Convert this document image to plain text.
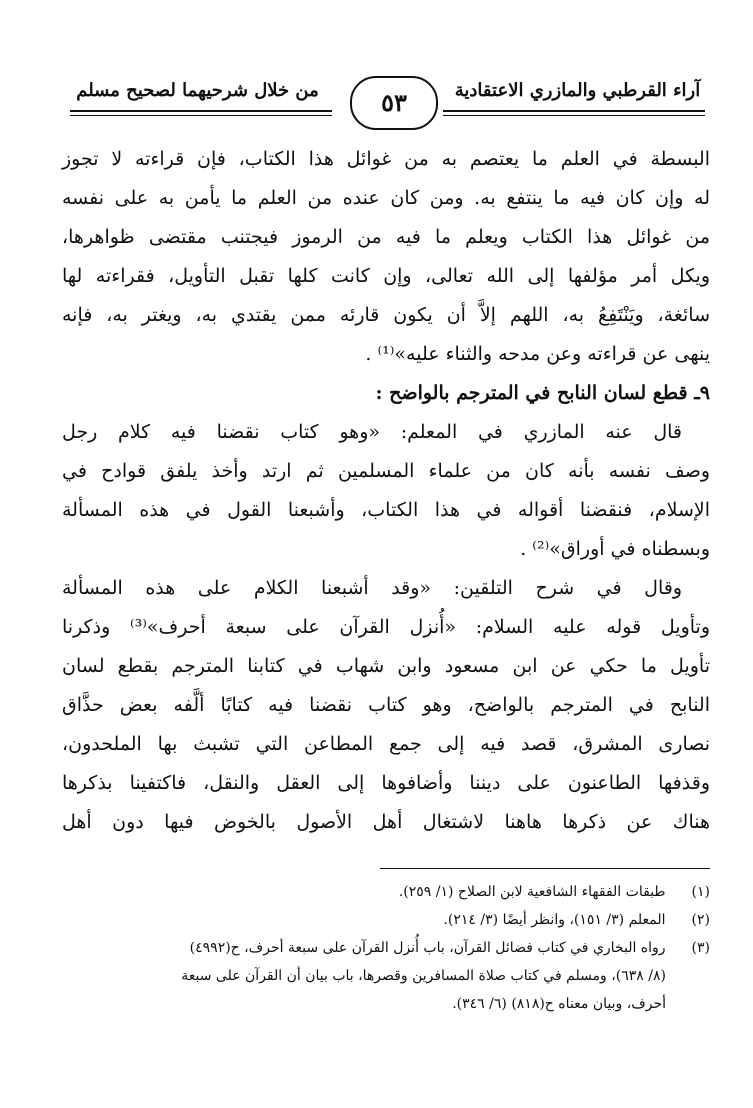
آراء القرطبي والمازري الاعتقادية
٥٣
من خلال شرحيهما لصحيح مسلم
البسطة في العلم ما يعتصم به من غوائل هذا الكتاب، فإن قراءته لا تجوز
له وإن كان فيه ما ينتفع به. ومن كان عنده من العلم ما يأمن به على نفسه
من غوائل هذا الكتاب ويعلم ما فيه من الرموز فيجتنب مقتضى ظواهرها،
ويكل أمر مؤلفها إلى الله تعالى، وإن كانت كلها تقبل التأويل، فقراءته لها
سائغة، ويَنْتَفِعُ به، اللهم إلاَّ أن يكون قارئه ممن يقتدي به، ويغتر به، فإنه
ينهى عن قراءته وعن مدحه والثناء عليه»⁽¹⁾ .
٩ـ قطع لسان النابح في المترجم بالواضح :
قال عنه المازري في المعلم: «وهو كتاب نقضنا فيه كلام رجل
وصف نفسه بأنه كان من علماء المسلمين ثم ارتد وأخذ يلفق قوادح في
الإسلام، فنقضنا أقواله في هذا الكتاب، وأشبعنا القول في هذه المسألة
وبسطناه في أوراق»⁽²⁾ .
وقال في شرح التلقين: «وقد أشبعنا الكلام على هذه المسألة
وتأويل قوله عليه السلام: «أُنزل القرآن على سبعة أحرف»⁽³⁾ وذكرنا
تأويل ما حكي عن ابن مسعود وابن شهاب في كتابنا المترجم بقطع لسان
النابح في المترجم بالواضح، وهو كتاب نقضنا فيه كتابًا ألَّفه بعض حذَّاق
نصارى المشرق، قصد فيه إلى جمع المطاعن التي تشبث بها الملحدون،
وقذفها الطاعنون على ديننا وأضافوها إلى العقل والنقل، فاكتفينا بذكرها
هناك عن ذكرها هاهنا لاشتغال أهل الأصول بالخوض فيها دون أهل
(١) طبقات الفقهاء الشافعية لابن الصلاح (١/ ٢٥٩).
(٢) المعلم (٣/ ١٥١)، وانظر أيضًا (٣/ ٢١٤).
(٣) رواه البخاري في كتاب فضائل القرآن، باب أُنزل القرآن على سبعة أحرف، ح(٤٩٩٢)
(٨/ ٦٣٨)، ومسلم في كتاب صلاة المسافرين وقصرها، باب بيان أن القرآن على سبعة
أحرف، وبيان معناه ح(٨١٨) (٦/ ٣٤٦).
